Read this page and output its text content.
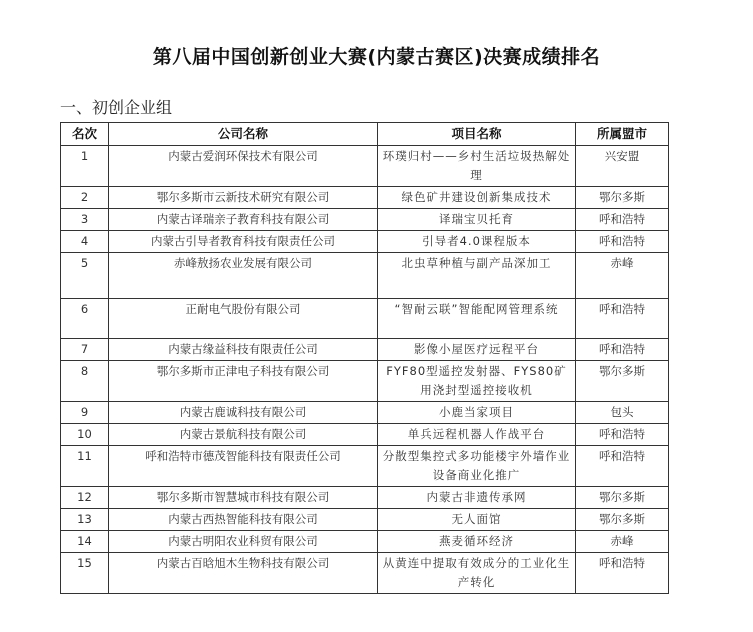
第八届中国创新创业大赛(内蒙古赛区)决赛成绩排名
一、初创企业组
名次	公司名称	项目名称	所属盟市
1	内蒙古爱润环保技术有限公司	环璞归村——乡村生活垃圾热解处理	兴安盟
2	鄂尔多斯市云新技术研究有限公司	绿色矿井建设创新集成技术	鄂尔多斯
3	内蒙古译瑞亲子教育科技有限公司	译瑞宝贝托育	呼和浩特
4	内蒙古引导者教育科技有限责任公司	引导者4.0课程版本	呼和浩特
5	赤峰敖扬农业发展有限公司	北虫草种植与副产品深加工	赤峰
6	正耐电气股份有限公司	“智耐云联”智能配网管理系统	呼和浩特
7	内蒙古缘益科技有限责任公司	影像小屋医疗远程平台	呼和浩特
8	鄂尔多斯市正津电子科技有限公司	FYF80型遥控发射器、FYS80矿用浇封型遥控接收机	鄂尔多斯
9	内蒙古鹿诚科技有限公司	小鹿当家项目	包头
10	内蒙古景航科技有限公司	单兵远程机器人作战平台	呼和浩特
11	呼和浩特市德茂智能科技有限责任公司	分散型集控式多功能楼宇外墙作业设备商业化推广	呼和浩特
12	鄂尔多斯市智慧城市科技有限公司	内蒙古非遗传承网	鄂尔多斯
13	内蒙古西热智能科技有限公司	无人面馆	鄂尔多斯
14	内蒙古明阳农业科贸有限公司	燕麦循环经济	赤峰
15	内蒙古百晗旭木生物科技有限公司	从黄连中提取有效成分的工业化生产转化	呼和浩特
